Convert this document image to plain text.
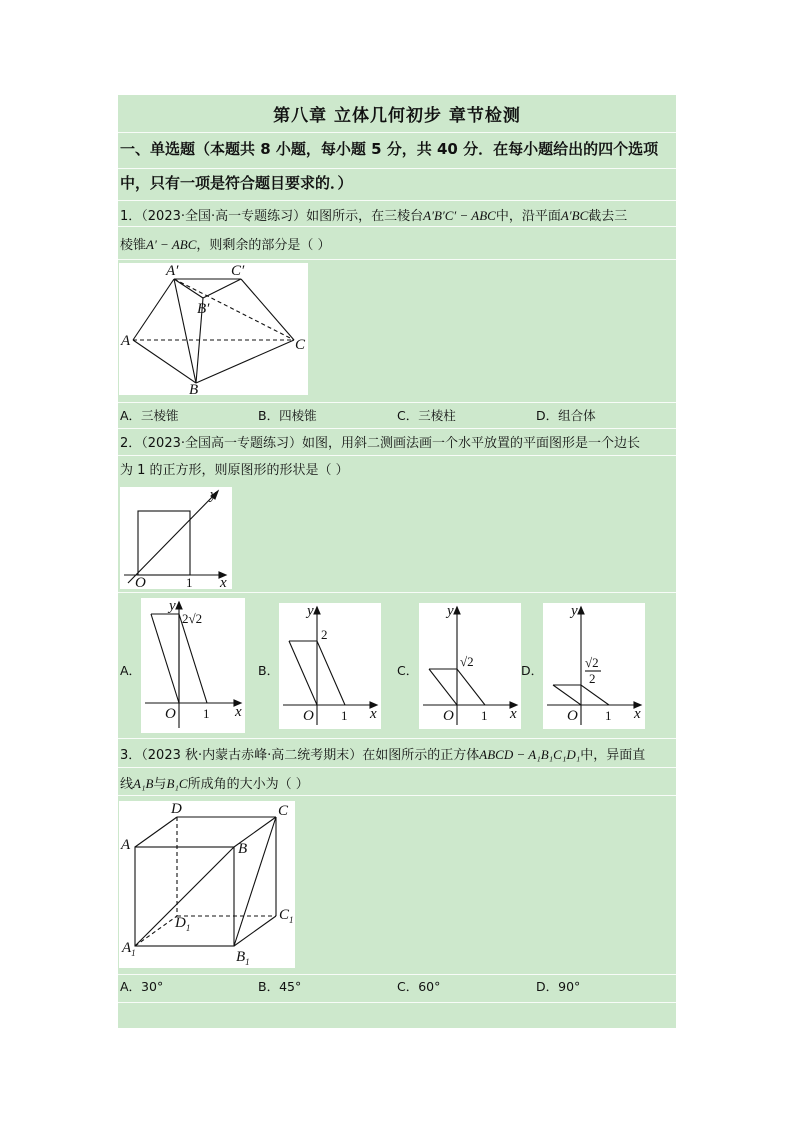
第八章 立体几何初步 章节检测
一、单选题（本题共 8 小题，每小题 5 分，共 40 分．在每小题给出的四个选项
中，只有一项是符合题目要求的．）
1．（2023·全国·高一专题练习）如图所示，在三棱台A′B′C′ − ABC中，沿平面A′BC截去三
棱锥A′ − ABC，则剩余的部分是（ ）
A′	C′
B′
A
B
C
A．三棱锥	B．四棱锥	C．三棱柱	D．组合体
2．（2023·全国高一专题练习）如图，用斜二测画法画一个水平放置的平面图形是一个边长
为 1 的正方形，则原图形的形状是（ ）
y
x
O	1
A．
y
x
O 1
2√2
B．
y
x
O 1
2
C．
y
x
O 1
√2
D．
y
x
O 1
√2
2
3．（2023 秋·内蒙古赤峰·高二统考期末）在如图所示的正方体ABCD − A₁B₁C₁D₁中，异面直
线A₁B与B₁C所成角的大小为（ ）
D	C
A	B
$D_1$
$C_1$
$A_1$	$B_1$
A．30°	B．45°	C．60°	D．90°
